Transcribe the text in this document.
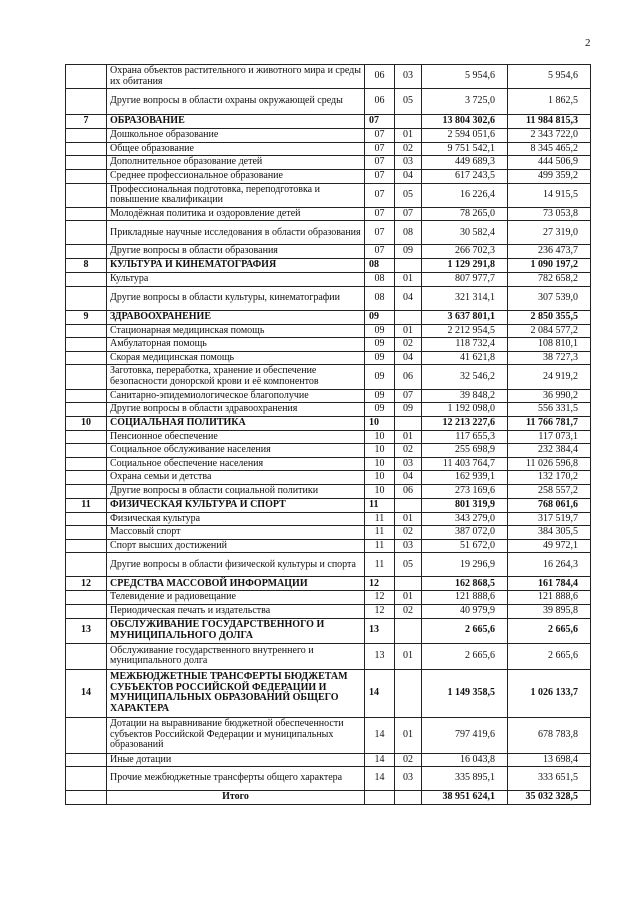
2
	Охрана объектов растительного и животного мира и среды их обитания	06	03	5 954,6	5 954,6
	Другие вопросы в области охраны окружающей среды	06	05	3 725,0	1 862,5
7	ОБРАЗОВАНИЕ	07		13 804 302,6	11 984 815,3
	Дошкольное образование	07	01	2 594 051,6	2 343 722,0
	Общее образование	07	02	9 751 542,1	8 345 465,2
	Дополнительное образование детей	07	03	449 689,3	444 506,9
	Среднее профессиональное образование	07	04	617 243,5	499 359,2
	Профессиональная подготовка, переподготовка и повышение квалификации	07	05	16 226,4	14 915,5
	Молодёжная политика и оздоровление детей	07	07	78 265,0	73 053,8
	Прикладные научные исследования в области образования	07	08	30 582,4	27 319,0
	Другие вопросы в области образования	07	09	266 702,3	236 473,7
8	КУЛЬТУРА И КИНЕМАТОГРАФИЯ	08		1 129 291,8	1 090 197,2
	Культура	08	01	807 977,7	782 658,2
	Другие вопросы в области культуры, кинематографии	08	04	321 314,1	307 539,0
9	ЗДРАВООХРАНЕНИЕ	09		3 637 801,1	2 850 355,5
	Стационарная медицинская помощь	09	01	2 212 954,5	2 084 577,2
	Амбулаторная помощь	09	02	118 732,4	108 810,1
	Скорая медицинская помощь	09	04	41 621,8	38 727,3
	Заготовка, переработка, хранение и обеспечение безопасности донорской крови и её компонентов	09	06	32 546,2	24 919,2
	Санитарно-эпидемиологическое благополучие	09	07	39 848,2	36 990,2
	Другие вопросы в области здравоохранения	09	09	1 192 098,0	556 331,5
10	СОЦИАЛЬНАЯ ПОЛИТИКА	10		12 213 227,6	11 766 781,7
	Пенсионное обеспечение	10	01	117 655,3	117 073,1
	Социальное обслуживание населения	10	02	255 698,9	232 384,4
	Социальное обеспечение населения	10	03	11 403 764,7	11 026 596,8
	Охрана семьи и детства	10	04	162 939,1	132 170,2
	Другие вопросы в области социальной политики	10	06	273 169,6	258 557,2
11	ФИЗИЧЕСКАЯ КУЛЬТУРА И СПОРТ	11		801 319,9	768 061,6
	Физическая культура	11	01	343 279,0	317 519,7
	Массовый спорт	11	02	387 072,0	384 305,5
	Спорт высших достижений	11	03	51 672,0	49 972,1
	Другие вопросы в области физической культуры и спорта	11	05	19 296,9	16 264,3
12	СРЕДСТВА МАССОВОЙ ИНФОРМАЦИИ	12		162 868,5	161 784,4
	Телевидение и радиовещание	12	01	121 888,6	121 888,6
	Периодическая печать и издательства	12	02	40 979,9	39 895,8
13	ОБСЛУЖИВАНИЕ ГОСУДАРСТВЕННОГО И МУНИЦИПАЛЬНОГО ДОЛГА	13		2 665,6	2 665,6
	Обслуживание государственного внутреннего и муниципального долга	13	01	2 665,6	2 665,6
14	МЕЖБЮДЖЕТНЫЕ ТРАНСФЕРТЫ БЮДЖЕТАМ СУБЪЕКТОВ РОССИЙСКОЙ ФЕДЕРАЦИИ И МУНИЦИПАЛЬНЫХ ОБРАЗОВАНИЙ ОБЩЕГО ХАРАКТЕРА	14		1 149 358,5	1 026 133,7
	Дотации на выравнивание бюджетной обеспеченности субъектов Российской Федерации и муниципальных образований	14	01	797 419,6	678 783,8
	Иные дотации	14	02	16 043,8	13 698,4
	Прочие межбюджетные трансферты общего характера	14	03	335 895,1	333 651,5
	Итого			38 951 624,1	35 032 328,5
